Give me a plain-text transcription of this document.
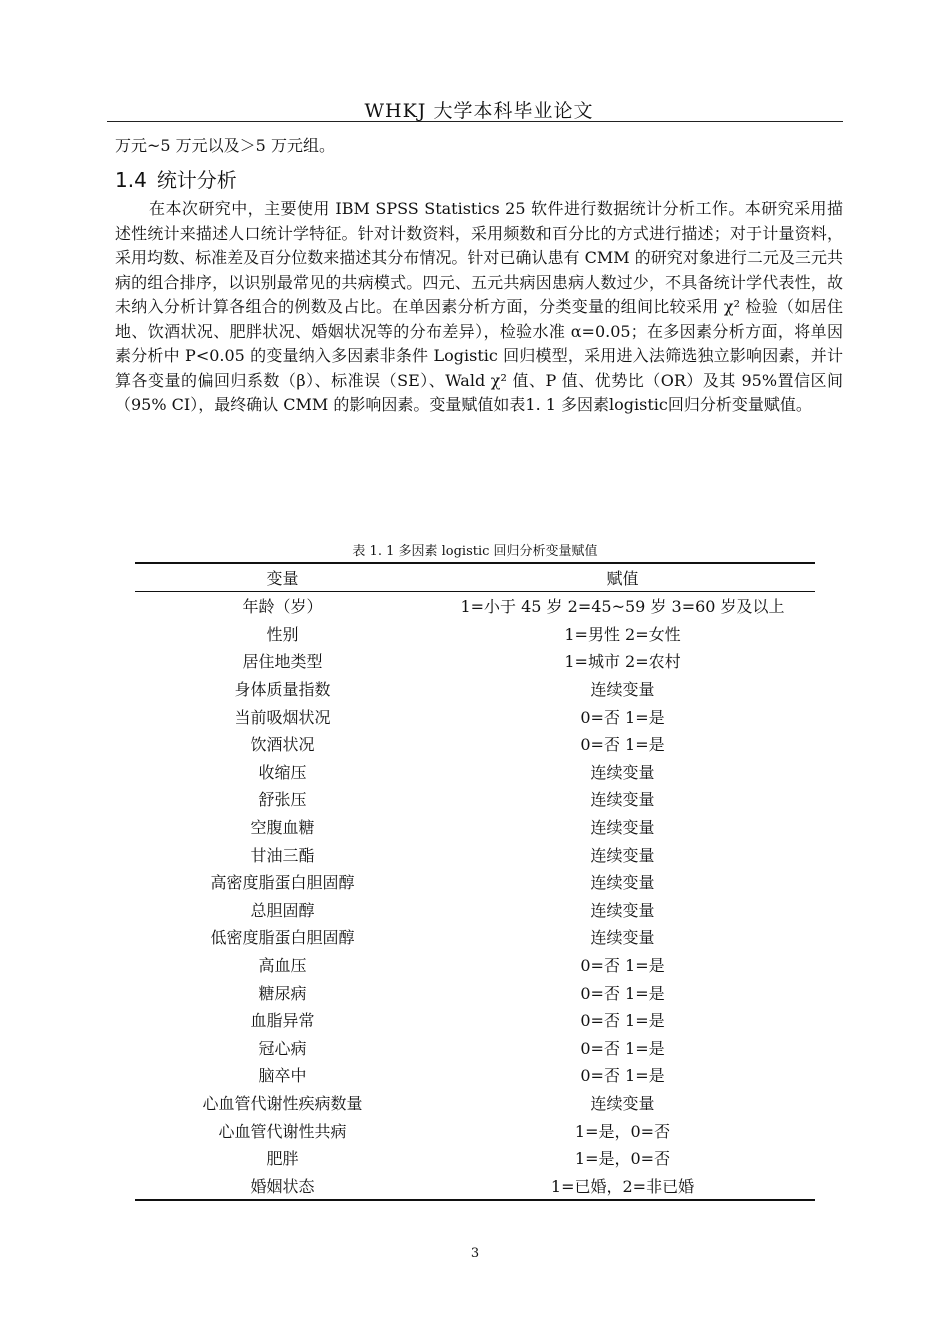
WHKJ 大学本科毕业论文
万元~5 万元以及＞5 万元组。
1.4 统计分析
在本次研究中，主要使用 IBM SPSS Statistics 25 软件进行数据统计分析工作。本研究采用描述性统计来描述人口统计学特征。针对计数资料，采用频数和百分比的方式进行描述；对于计量资料，采用均数、标准差及百分位数来描述其分布情况。针对已确认患有 CMM 的研究对象进行二元及三元共病的组合排序，以识别最常见的共病模式。四元、五元共病因患病人数过少，不具备统计学代表性，故未纳入分析计算各组合的例数及占比。在单因素分析方面，分类变量的组间比较采用 χ² 检验（如居住地、饮酒状况、肥胖状况、婚姻状况等的分布差异），检验水准 α=0.05；在多因素分析方面，将单因素分析中 P<0.05 的变量纳入多因素非条件 Logistic 回归模型，采用进入法筛选独立影响因素，并计算各变量的偏回归系数（β）、标准误（SE）、Wald χ² 值、P 值、优势比（OR）及其 95%置信区间（95% CI），最终确认 CMM 的影响因素。变量赋值如表1. 1 多因素logistic回归分析变量赋值。
表 1. 1 多因素 logistic 回归分析变量赋值
变量	赋值
年龄（岁）	1=小于 45 岁 2=45~59 岁 3=60 岁及以上
性别	1=男性 2=女性
居住地类型	1=城市 2=农村
身体质量指数	连续变量
当前吸烟状况	0=否 1=是
饮酒状况	0=否 1=是
收缩压	连续变量
舒张压	连续变量
空腹血糖	连续变量
甘油三酯	连续变量
高密度脂蛋白胆固醇	连续变量
总胆固醇	连续变量
低密度脂蛋白胆固醇	连续变量
高血压	0=否 1=是
糖尿病	0=否 1=是
血脂异常	0=否 1=是
冠心病	0=否 1=是
脑卒中	0=否 1=是
心血管代谢性疾病数量	连续变量
心血管代谢性共病	1=是，0=否
肥胖	1=是，0=否
婚姻状态	1=已婚，2=非已婚
3
